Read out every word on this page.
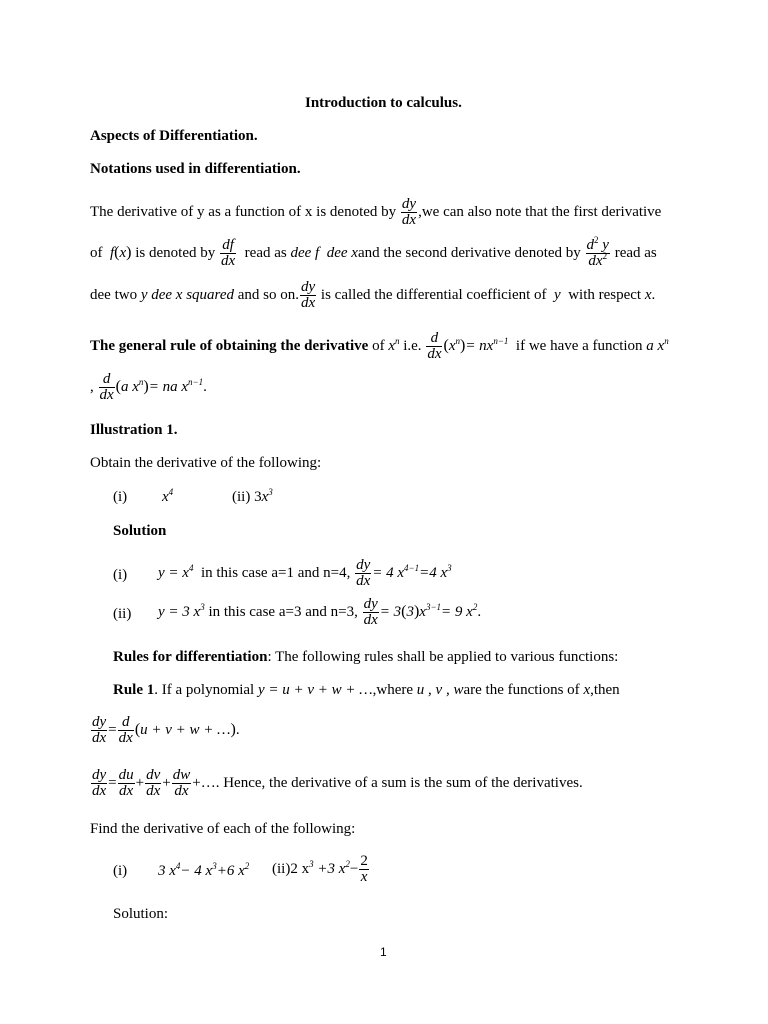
Introduction to calculus.
Aspects of Differentiation.
Notations used in differentiation.
The derivative of y as a function of x is denoted by $\frac{dy}{dx} ,we$ can also note that the first derivative
of f(x) is denoted by $\frac{df}{dx}$ read as dee f dee xand the second derivative denoted by $\frac{d^2 y}{dx^2}$ read as
dee two y dee x squared and so on. $\frac{dy}{dx}$ is called the differential coefficient of y with respect x.
The general rule of obtaining the derivative of $x^n$ i.e. $\frac{d}{dx} (x^n)= nx^{n-1}$ if we have a function a $x^n$
, $\frac{d}{dx} (a$ $x^n)=$ na $x^{n-1}$.
Illustration 1.
Obtain the derivative of the following:
(i) $x^4$	(ii) $3x^3$
Solution
(i) $y = x^4$ in this case a=1 and n=4, $\frac{dy}{dx} = 4$ $x^{4-1}=4$ $x^3$
(ii) y = 3 $x^3$ in this case a=3 and n=3, $\frac{dy}{dx} = 3(3)x^{3-1}= 9$ $x^2$.
Rules for differentiation: The following rules shall be applied to various functions:
Rule 1. If a polynomial y = u + v + w + …,where u , v , ware the functions of x,then
$\frac{dy}{dx} = \frac{d}{dx} (u + v + w$ + …).
$\frac{dy}{dx} = \frac{du}{dx} + \frac{dv}{dx} + \frac{dw}{dx}$ +…. Hence, the derivative of a sum is the sum of the derivatives.
Find the derivative of each of the following:
(i) 3 $x^4- 4$ $x^3+6$ $x^2$ (ii)2 $x^3 +3$ $x^2- \frac{2}{x}$
Solution:
1
